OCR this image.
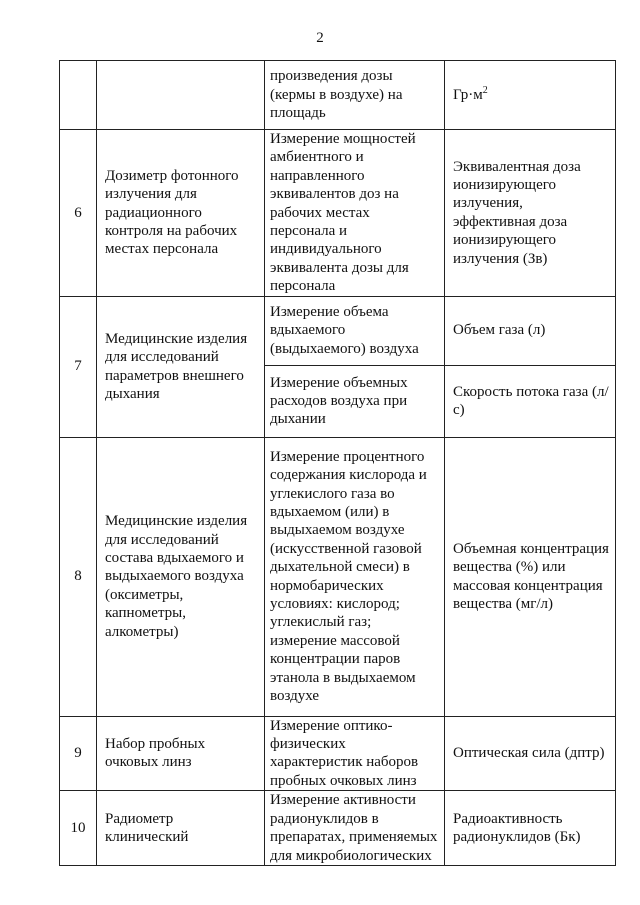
2
		произведения дозы (кермы в воздухе) на площадь	$Гр\cdot м^2$
6	Дозиметр фотонного излучения для радиационного контроля на рабочих местах персонала	Измерение мощностей амбиентного и направленного эквивалентов доз на рабочих местах персонала и индивидуального эквивалента дозы для персонала	Эквивалентная доза ионизирующего излучения, эффективная доза ионизирующего излучения (Зв)
7	Медицинские изделия для исследований параметров внешнего дыхания	Измерение объема вдыхаемого (выдыхаемого) воздуха	Объем газа (л)
		Измерение объемных расходов воздуха при дыхании	Скорость потока газа (л/с)
8	Медицинские изделия для исследований состава вдыхаемого и выдыхаемого воздуха (оксиметры, капнометры, алкометры)	Измерение процентного содержания кислорода и углекислого газа во вдыхаемом (или) в выдыхаемом воздухе (искусственной газовой дыхательной смеси) в нормобарических условиях: кислород; углекислый газ; измерение массовой концентрации паров этанола в выдыхаемом воздухе	Объемная концентрация вещества (%) или массовая концентрация вещества (мг/л)
9	Набор пробных очковых линз	Измерение оптико-физических характеристик наборов пробных очковых линз	Оптическая сила (дптр)
10	Радиометр клинический	Измерение активности радионуклидов в препаратах, применяемых для микробиологических	Радиоактивность радионуклидов (Бк)
